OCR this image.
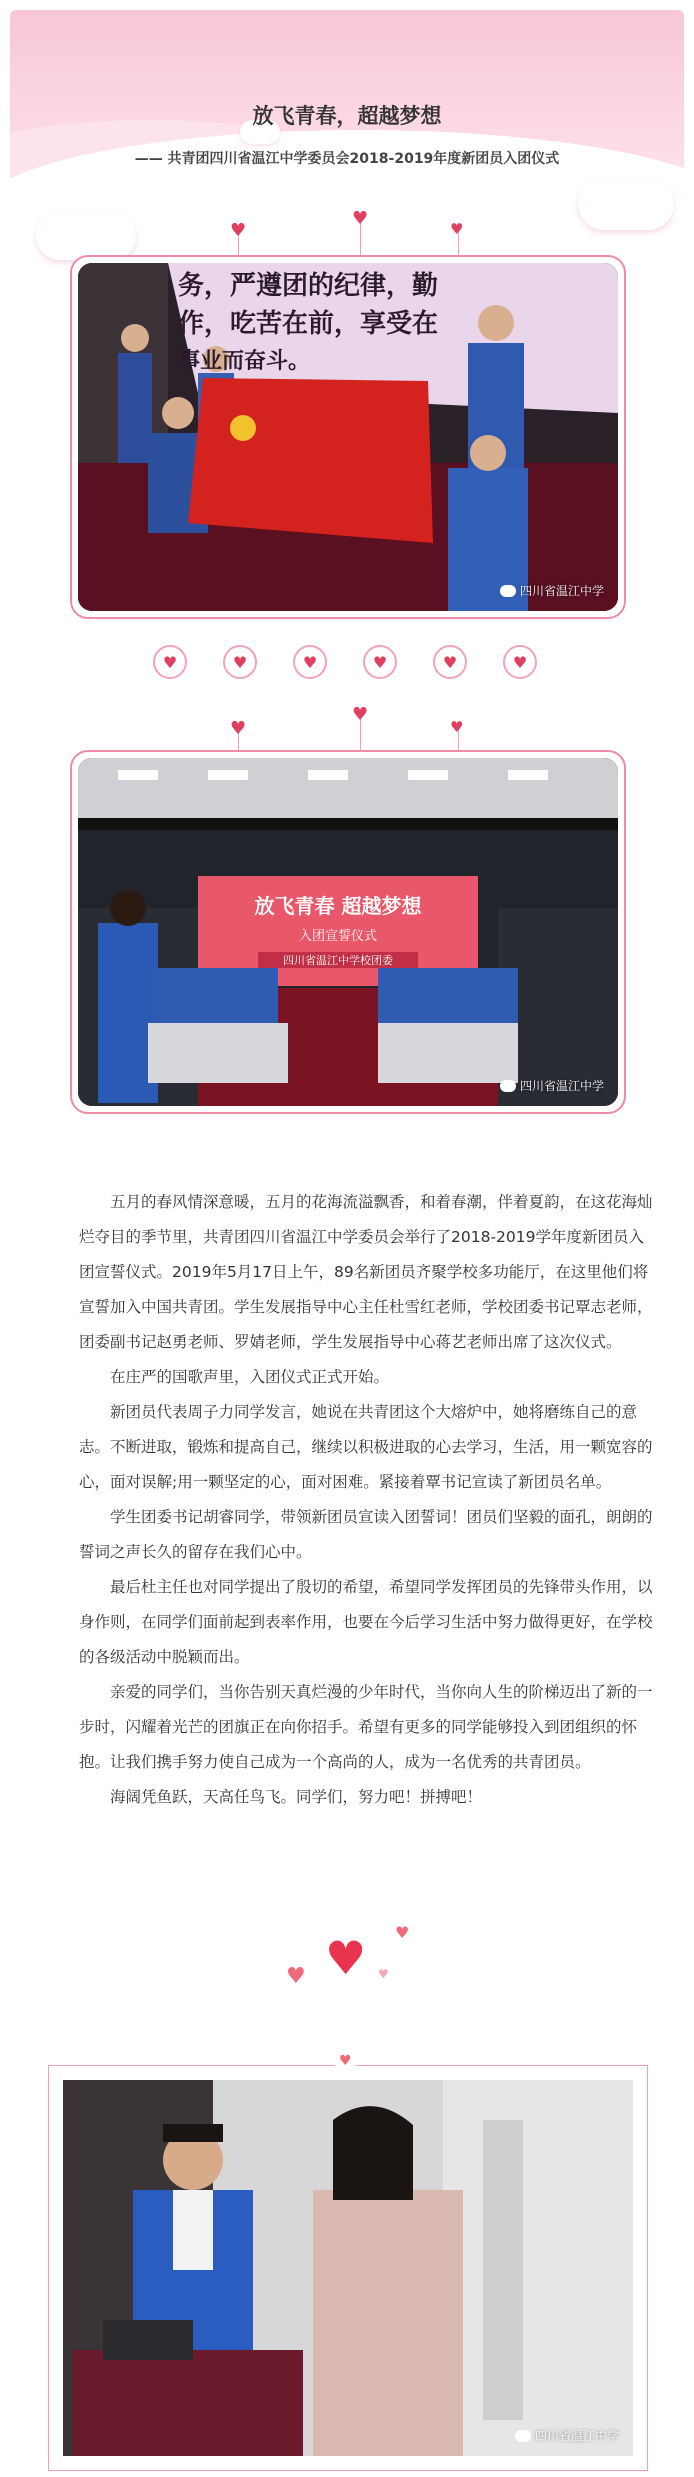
放飞青春，超越梦想
—— 共青团四川省温江中学委员会2018-2019年度新团员入团仪式
♥
♥	♥
务，严遵团的纪律，勤
作，吃苦在前，享受在
事业而奋斗。
四川省温江中学
♥	♥	♥	♥	♥	♥
♥
♥
♥
放飞青春 超越梦想
入团宣誓仪式
四川省温江中学校团委
四川省温江中学

五月的春风情深意暖，五月的花海流溢飘香，和着春潮，伴着夏韵，在这花海灿烂夺目的季节里，共青团四川省温江中学委员会举行了2018-2019学年度新团员入团宣誓仪式。2019年5月17日上午，89名新团员齐聚学校多功能厅，在这里他们将宣誓加入中国共青团。学生发展指导中心主任杜雪红老师，学校团委书记覃志老师，团委副书记赵勇老师、罗婧老师，学生发展指导中心蒋艺老师出席了这次仪式。

在庄严的国歌声里，入团仪式正式开始。

新团员代表周子力同学发言，她说在共青团这个大熔炉中，她将磨练自己的意志。不断进取，锻炼和提高自己，继续以积极进取的心去学习，生活，用一颗宽容的心，面对误解;用一颗坚定的心，面对困难。紧接着覃书记宣读了新团员名单。

学生团委书记胡睿同学，带领新团员宣读入团誓词！团员们坚毅的面孔，朗朗的誓词之声长久的留存在我们心中。

最后杜主任也对同学提出了殷切的希望，希望同学发挥团员的先锋带头作用，以身作则，在同学们面前起到表率作用，也要在今后学习生活中努力做得更好，在学校的各级活动中脱颖而出。

亲爱的同学们，当你告别天真烂漫的少年时代，当你向人生的阶梯迈出了新的一步时，闪耀着光芒的团旗正在向你招手。希望有更多的同学能够投入到团组织的怀抱。让我们携手努力使自己成为一个高尚的人，成为一名优秀的共青团员。

海阔凭鱼跃，天高任鸟飞。同学们，努力吧！拼搏吧！

♥
♥
♥
♥
♥
四川省温江中学
